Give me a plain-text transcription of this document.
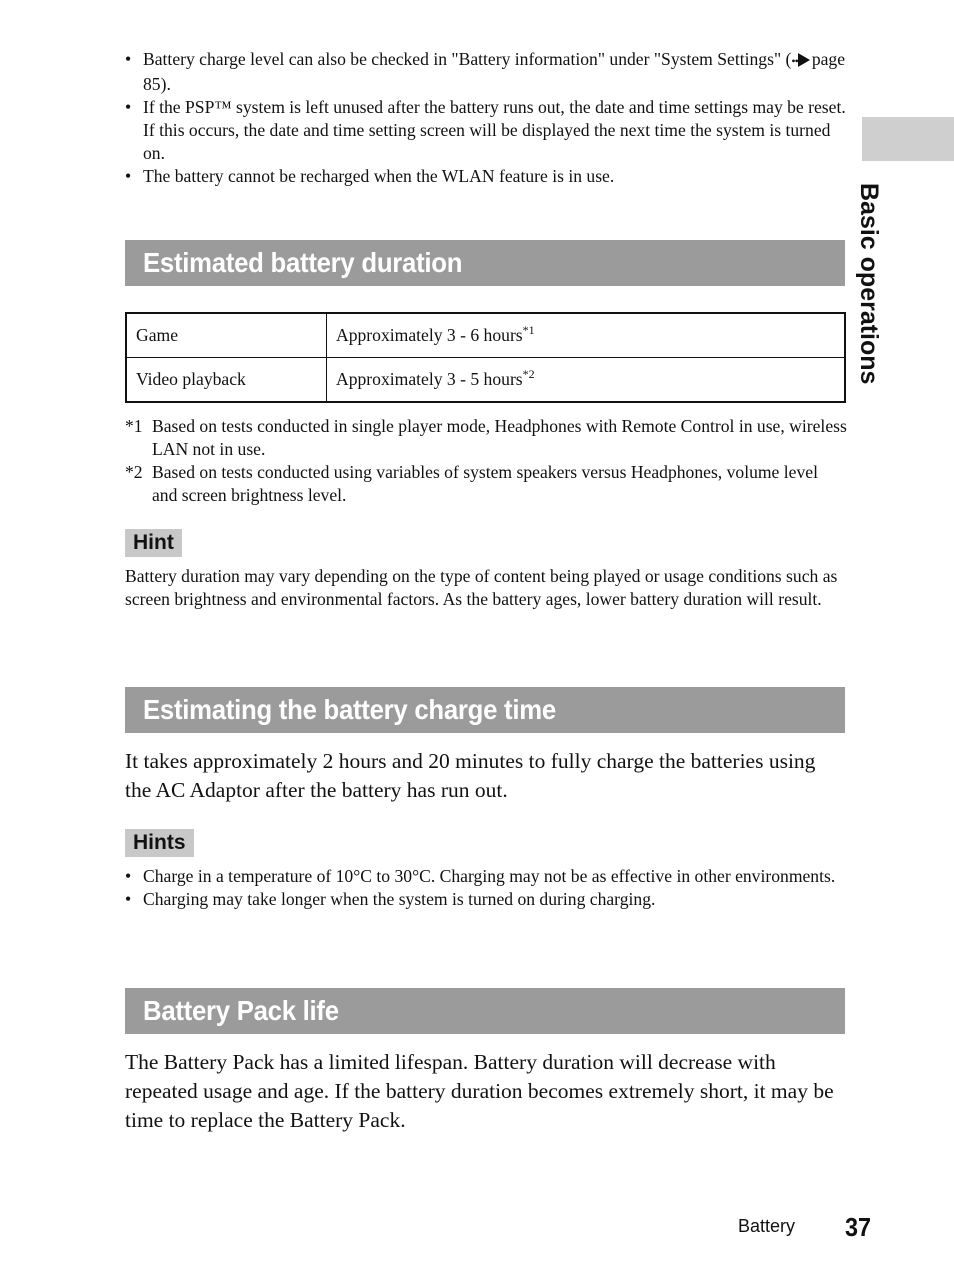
• Battery charge level can also be checked in "Battery information" under "System Settings" (•• page 85).
• If the PSP™ system is left unused after the battery runs out, the date and time settings may be reset. If this occurs, the date and time setting screen will be displayed the next time the system is turned on.
• The battery cannot be recharged when the WLAN feature is in use.
Estimated battery duration
Game	Approximately 3 - 6 hours$^{*1}$
Video playback	Approximately 3 - 5 hours$^{*2}$
*1 Based on tests conducted in single player mode, Headphones with Remote Control in use, wireless LAN not in use.
*2 Based on tests conducted using variables of system speakers versus Headphones, volume level and screen brightness level.
Hint
Battery duration may vary depending on the type of content being played or usage conditions such as screen brightness and environmental factors. As the battery ages, lower battery duration will result.
Estimating the battery charge time
It takes approximately 2 hours and 20 minutes to fully charge the batteries using the AC Adaptor after the battery has run out.
Hints
• Charge in a temperature of 10°C to 30°C. Charging may not be as effective in other environments.
• Charging may take longer when the system is turned on during charging.
Battery Pack life
The Battery Pack has a limited lifespan. Battery duration will decrease with repeated usage and age. If the battery duration becomes extremely short, it may be time to replace the Battery Pack.
Basic operations
Battery 37
